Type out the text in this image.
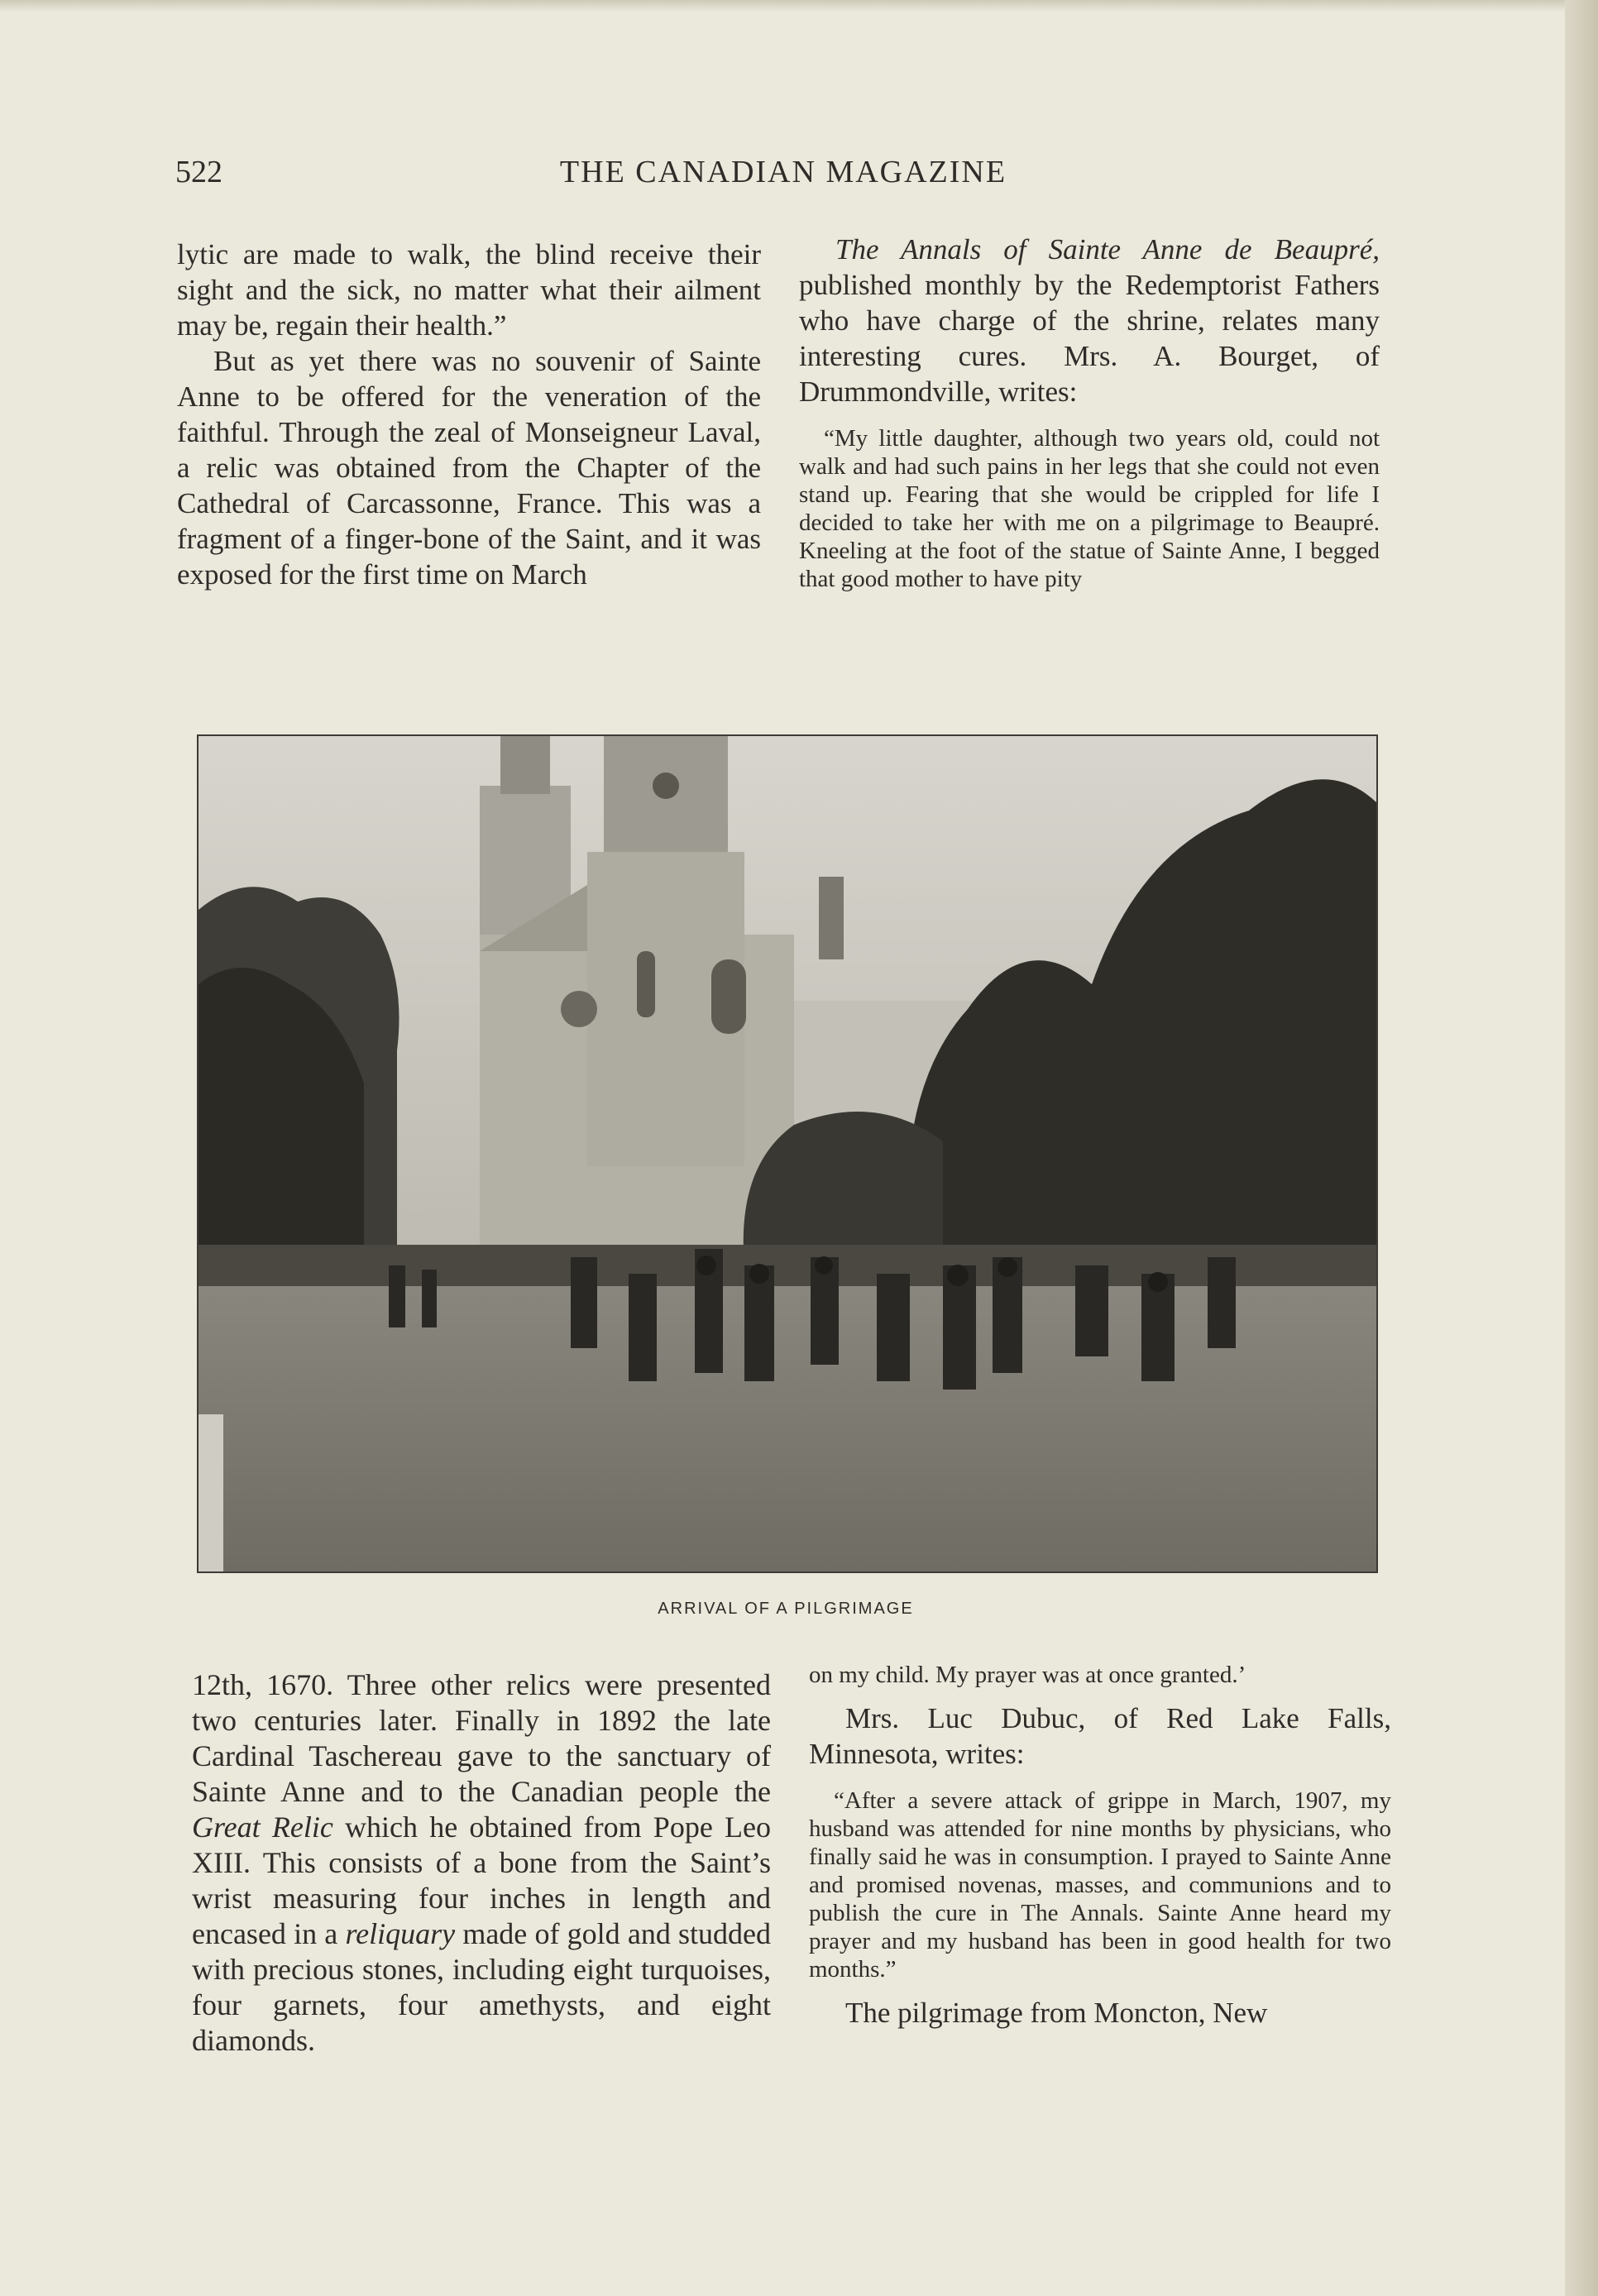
522	THE CANADIAN MAGAZINE

lytic are made to walk, the blind receive their sight and the sick, no matter what their ailment may be, regain their health.”

But as yet there was no souvenir of Sainte Anne to be offered for the veneration of the faithful. Through the zeal of Monseigneur Laval, a relic was obtained from the Chapter of the Cathedral of Carcassonne, France. This was a fragment of a finger-bone of the Saint, and it was exposed for the first time on March

The Annals of Sainte Anne de Beaupré, published monthly by the Redemptorist Fathers who have charge of the shrine, relates many interesting cures. Mrs. A. Bourget, of Drummondville, writes:

“My little daughter, although two years old, could not walk and had such pains in her legs that she could not even stand up. Fearing that she would be crippled for life I decided to take her with me on a pilgrimage to Beaupré. Kneeling at the foot of the statue of Sainte Anne, I begged that good mother to have pity

ARRIVAL OF A PILGRIMAGE

12th, 1670. Three other relics were presented two centuries later. Finally in 1892 the late Cardinal Taschereau gave to the sanctuary of Sainte Anne and to the Canadian people the Great Relic which he obtained from Pope Leo XIII. This consists of a bone from the Saint’s wrist measuring four inches in length and encased in a reliquary made of gold and studded with precious stones, including eight turquoises, four garnets, four amethysts, and eight diamonds.

on my child. My prayer was at once granted.’

Mrs. Luc Dubuc, of Red Lake Falls, Minnesota, writes:

“After a severe attack of grippe in March, 1907, my husband was attended for nine months by physicians, who finally said he was in consumption. I prayed to Sainte Anne and promised novenas, masses, and communions and to publish the cure in The Annals. Sainte Anne heard my prayer and my husband has been in good health for two months.”

The pilgrimage from Moncton, New
